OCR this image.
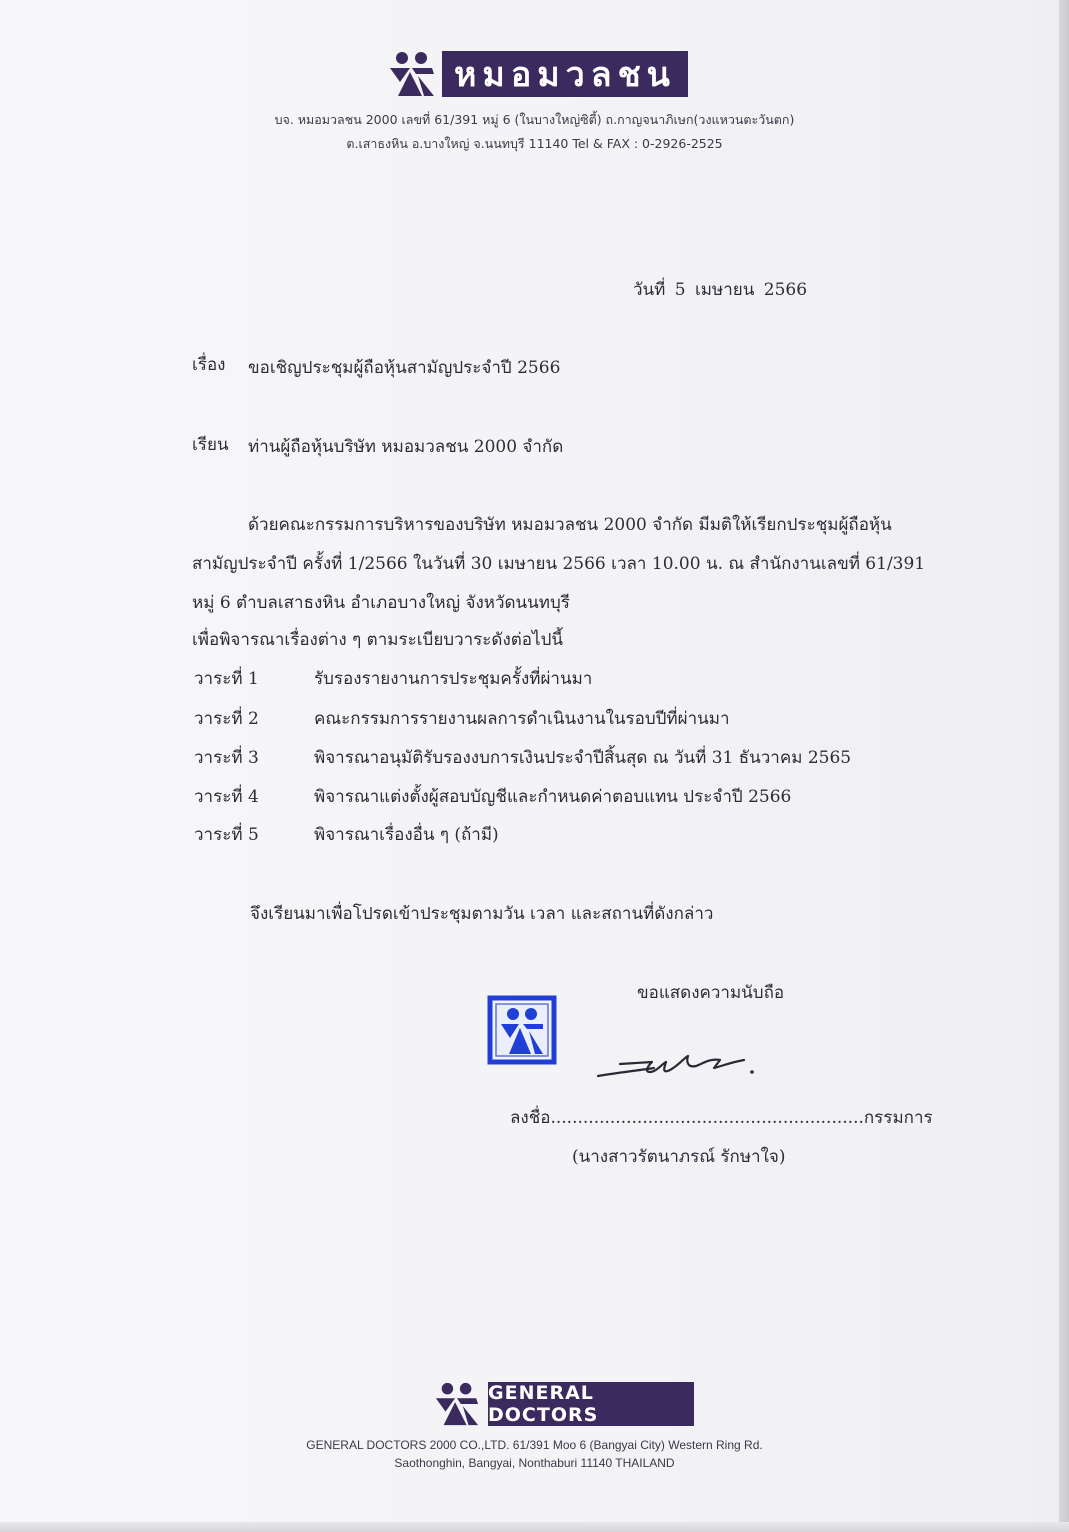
หมอมวลชน
บจ. หมอมวลชน 2000 เลขที่ 61/391 หมู่ 6 (ในบางใหญ่ซิตี้) ถ.กาญจนาภิเษก(วงแหวนตะวันตก)
ต.เสาธงหิน อ.บางใหญ่ จ.นนทบุรี 11140 Tel & FAX : 0-2926-2525
วันที่ 5 เมษายน 2566
เรื่อง ขอเชิญประชุมผู้ถือหุ้นสามัญประจำปี 2566
เรียน ท่านผู้ถือหุ้นบริษัท หมอมวลชน 2000 จำกัด
ด้วยคณะกรรมการบริหารของบริษัท หมอมวลชน 2000 จำกัด มีมติให้เรียกประชุมผู้ถือหุ้น
สามัญประจำปี ครั้งที่ 1/2566 ในวันที่ 30 เมษายน 2566 เวลา 10.00 น. ณ สำนักงานเลขที่ 61/391
หมู่ 6 ตำบลเสาธงหิน อำเภอบางใหญ่ จังหวัดนนทบุรี
เพื่อพิจารณาเรื่องต่าง ๆ ตามระเบียบวาระดังต่อไปนี้
วาระที่ 1	รับรองรายงานการประชุมครั้งที่ผ่านมา
วาระที่ 2	คณะกรรมการรายงานผลการดำเนินงานในรอบปีที่ผ่านมา
วาระที่ 3	พิจารณาอนุมัติรับรองงบการเงินประจำปีสิ้นสุด ณ วันที่ 31 ธันวาคม 2565
วาระที่ 4	พิจารณาแต่งตั้งผู้สอบบัญชีและกำหนดค่าตอบแทน ประจำปี 2566
วาระที่ 5	พิจารณาเรื่องอื่น ๆ (ถ้ามี)
จึงเรียนมาเพื่อโปรดเข้าประชุมตามวัน เวลา และสถานที่ดังกล่าว
ขอแสดงความนับถือ
ลงชื่อ..........................................................กรรมการ
(นางสาวรัตนาภรณ์ รักษาใจ)
GENERAL DOCTORS
GENERAL DOCTORS 2000 CO.,LTD. 61/391 Moo 6 (Bangyai City) Western Ring Rd.
Saothonghin, Bangyai, Nonthaburi 11140 THAILAND
